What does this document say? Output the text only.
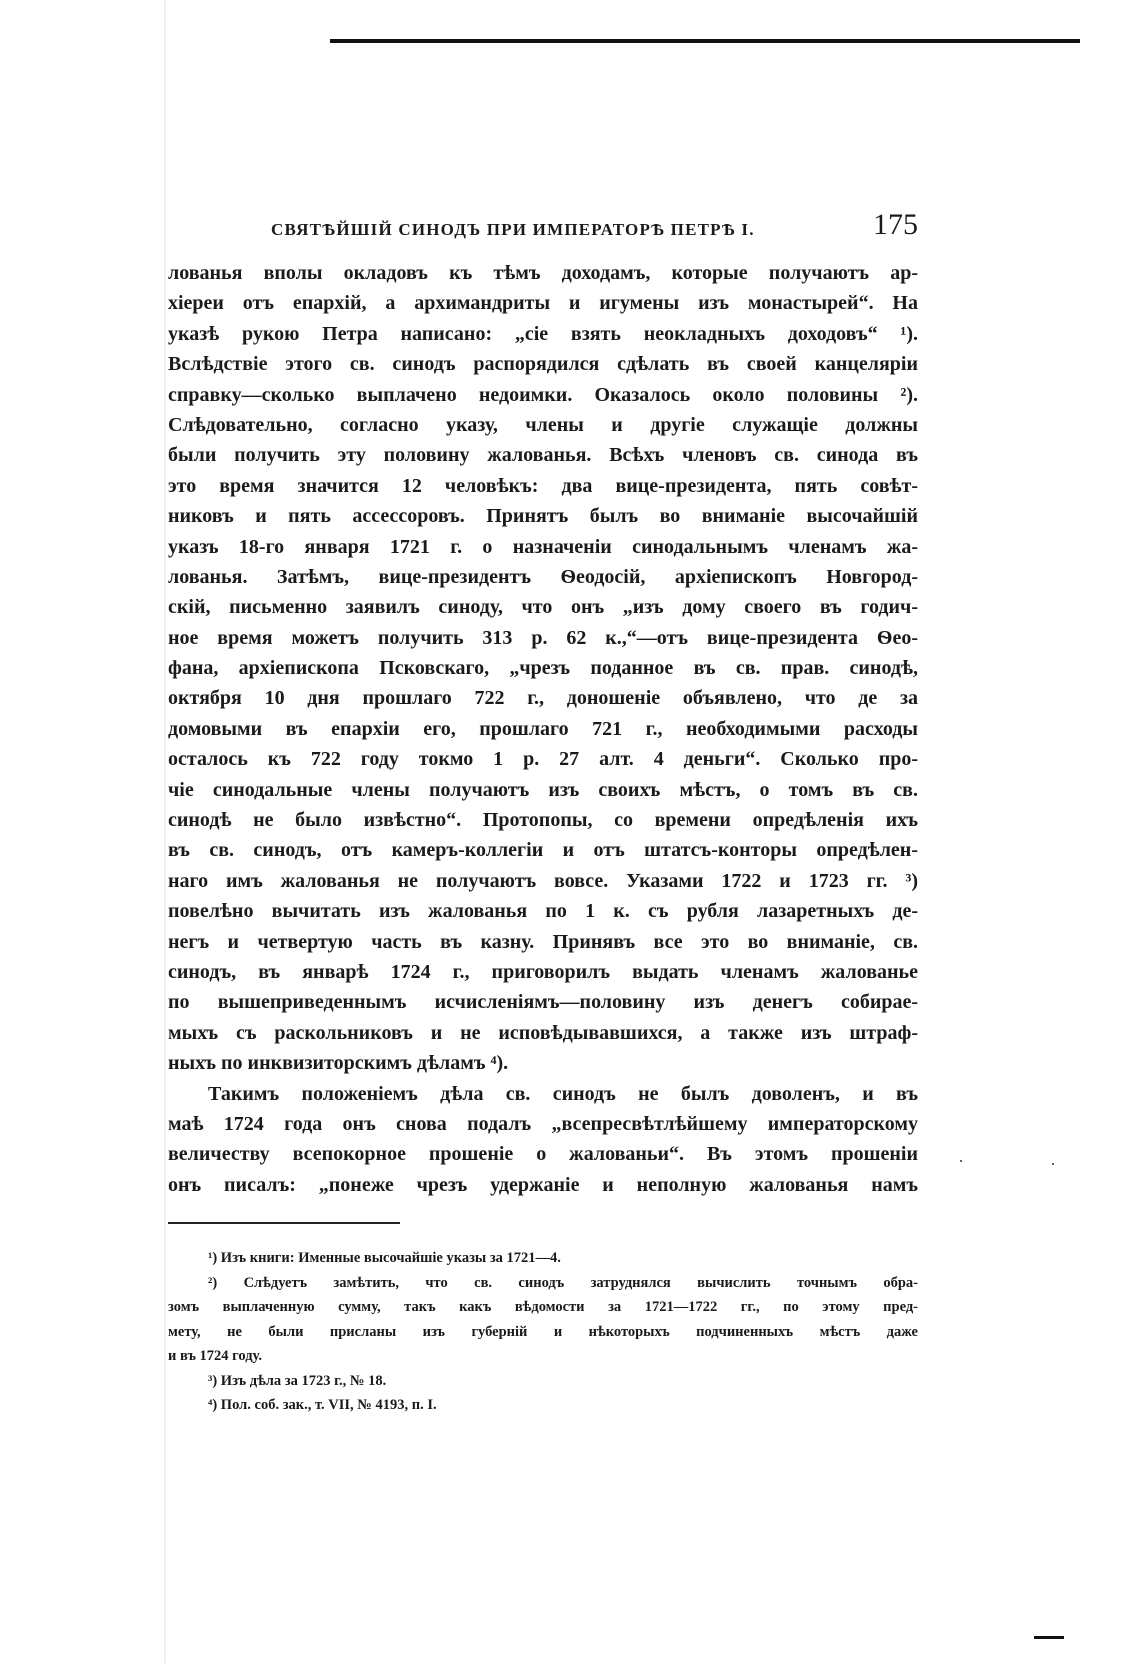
СВЯТѢЙШІЙ СИНОДЪ ПРИ ИМПЕРАТОРѢ ПЕТРѢ I.	175
лованья вполы окладовъ къ тѣмъ доходамъ, которые получаютъ ар-
хіереи отъ епархій, а архимандриты и игумены изъ монастырей“. На
указѣ рукою Петра написано: „сіе взять неокладныхъ доходовъ“ ¹).
Вслѣдствіе этого св. синодъ распорядился сдѣлать въ своей канцеляріи
справку—сколько выплачено недоимки. Оказалось около половины ²).
Слѣдовательно, согласно указу, члены и другіе служащіе должны
были получить эту половину жалованья. Всѣхъ членовъ св. синода въ
это время значится 12 человѣкъ: два вице-президента, пять совѣт-
никовъ и пять ассессоровъ. Принятъ былъ во вниманіе высочайшій
указъ 18-го января 1721 г. о назначеніи синодальнымъ членамъ жа-
лованья. Затѣмъ, вице-президентъ Ѳеодосій, архіепископъ Новгород-
скій, письменно заявилъ синоду, что онъ „изъ дому своего въ годич-
ное время можетъ получить 313 р. 62 к.,“—отъ вице-президента Ѳео-
фана, архіепископа Псковскаго, „чрезъ поданное въ св. прав. синодѣ,
октября 10 дня прошлаго 722 г., доношеніе объявлено, что де за
домовыми въ епархіи его, прошлаго 721 г., необходимыми расходы
осталось къ 722 году токмо 1 р. 27 алт. 4 деньги“. Сколько про-
чіе синодальные члены получаютъ изъ своихъ мѣстъ, о томъ въ св.
синодѣ не было извѣстно“. Протопопы, со времени опредѣленія ихъ
въ св. синодъ, отъ камеръ-коллегіи и отъ штатсъ-конторы опредѣлен-
наго имъ жалованья не получаютъ вовсе. Указами 1722 и 1723 гг. ³)
повелѣно вычитать изъ жалованья по 1 к. съ рубля лазаретныхъ де-
негъ и четвертую часть въ казну. Принявъ все это во вниманіе, св.
синодъ, въ январѣ 1724 г., приговорилъ выдать членамъ жалованье
по вышеприведеннымъ исчисленіямъ—половину изъ денегъ собирае-
мыхъ съ раскольниковъ и не исповѣдывавшихся, а также изъ штраф-
ныхъ по инквизиторскимъ дѣламъ ⁴).
Такимъ положеніемъ дѣла св. синодъ не былъ доволенъ, и въ
маѣ 1724 года онъ снова подалъ „всепресвѣтлѣйшему императорскому
величеству всепокорное прошеніе о жалованьи“. Въ этомъ прошеніи
онъ писалъ: „понеже чрезъ удержаніе и неполную жалованья намъ
¹) Изъ книги: Именные высочайшіе указы за 1721—4.
²) Слѣдуетъ замѣтить, что св. синодъ затруднялся вычислить точнымъ обра-
зомъ выплаченную сумму, такъ какъ вѣдомости за 1721—1722 гг., по этому пред-
мету, не были присланы изъ губерній и нѣкоторыхъ подчиненныхъ мѣстъ даже
и въ 1724 году.
³) Изъ дѣла за 1723 г., № 18.
⁴) Пол. соб. зак., т. VII, № 4193, п. I.
